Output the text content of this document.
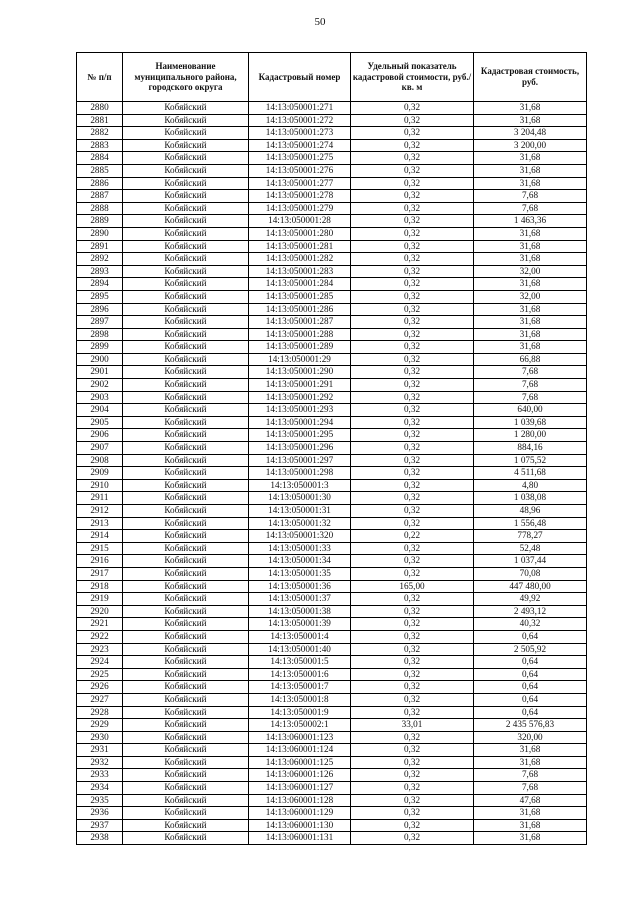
50
№ п/п	Наименование муниципального района, городского округа	Кадастровый номер	Удельный показатель кадастровой стоимости, руб./кв. м	Кадастровая стоимость, руб.
2880	Кобяйский	14:13:050001:271	0,32	31,68
2881	Кобяйский	14:13:050001:272	0,32	31,68
2882	Кобяйский	14:13:050001:273	0,32	3 204,48
2883	Кобяйский	14:13:050001:274	0,32	3 200,00
2884	Кобяйский	14:13:050001:275	0,32	31,68
2885	Кобяйский	14:13:050001:276	0,32	31,68
2886	Кобяйский	14:13:050001:277	0,32	31,68
2887	Кобяйский	14:13:050001:278	0,32	7,68
2888	Кобяйский	14:13:050001:279	0,32	7,68
2889	Кобяйский	14:13:050001:28	0,32	1 463,36
2890	Кобяйский	14:13:050001:280	0,32	31,68
2891	Кобяйский	14:13:050001:281	0,32	31,68
2892	Кобяйский	14:13:050001:282	0,32	31,68
2893	Кобяйский	14:13:050001:283	0,32	32,00
2894	Кобяйский	14:13:050001:284	0,32	31,68
2895	Кобяйский	14:13:050001:285	0,32	32,00
2896	Кобяйский	14:13:050001:286	0,32	31,68
2897	Кобяйский	14:13:050001:287	0,32	31,68
2898	Кобяйский	14:13:050001:288	0,32	31,68
2899	Кобяйский	14:13:050001:289	0,32	31,68
2900	Кобяйский	14:13:050001:29	0,32	66,88
2901	Кобяйский	14:13:050001:290	0,32	7,68
2902	Кобяйский	14:13:050001:291	0,32	7,68
2903	Кобяйский	14:13:050001:292	0,32	7,68
2904	Кобяйский	14:13:050001:293	0,32	640,00
2905	Кобяйский	14:13:050001:294	0,32	1 039,68
2906	Кобяйский	14:13:050001:295	0,32	1 280,00
2907	Кобяйский	14:13:050001:296	0,32	884,16
2908	Кобяйский	14:13:050001:297	0,32	1 075,52
2909	Кобяйский	14:13:050001:298	0,32	4 511,68
2910	Кобяйский	14:13:050001:3	0,32	4,80
2911	Кобяйский	14:13:050001:30	0,32	1 038,08
2912	Кобяйский	14:13:050001:31	0,32	48,96
2913	Кобяйский	14:13:050001:32	0,32	1 556,48
2914	Кобяйский	14:13:050001:320	0,22	778,27
2915	Кобяйский	14:13:050001:33	0,32	52,48
2916	Кобяйский	14:13:050001:34	0,32	1 037,44
2917	Кобяйский	14:13:050001:35	0,32	70,08
2918	Кобяйский	14:13:050001:36	165,00	447 480,00
2919	Кобяйский	14:13:050001:37	0,32	49,92
2920	Кобяйский	14:13:050001:38	0,32	2 493,12
2921	Кобяйский	14:13:050001:39	0,32	40,32
2922	Кобяйский	14:13:050001:4	0,32	0,64
2923	Кобяйский	14:13:050001:40	0,32	2 505,92
2924	Кобяйский	14:13:050001:5	0,32	0,64
2925	Кобяйский	14:13:050001:6	0,32	0,64
2926	Кобяйский	14:13:050001:7	0,32	0,64
2927	Кобяйский	14:13:050001:8	0,32	0,64
2928	Кобяйский	14:13:050001:9	0,32	0,64
2929	Кобяйский	14:13:050002:1	33,01	2 435 576,83
2930	Кобяйский	14:13:060001:123	0,32	320,00
2931	Кобяйский	14:13:060001:124	0,32	31,68
2932	Кобяйский	14:13:060001:125	0,32	31,68
2933	Кобяйский	14:13:060001:126	0,32	7,68
2934	Кобяйский	14:13:060001:127	0,32	7,68
2935	Кобяйский	14:13:060001:128	0,32	47,68
2936	Кобяйский	14:13:060001:129	0,32	31,68
2937	Кобяйский	14:13:060001:130	0,32	31,68
2938	Кобяйский	14:13:060001:131	0,32	31,68
